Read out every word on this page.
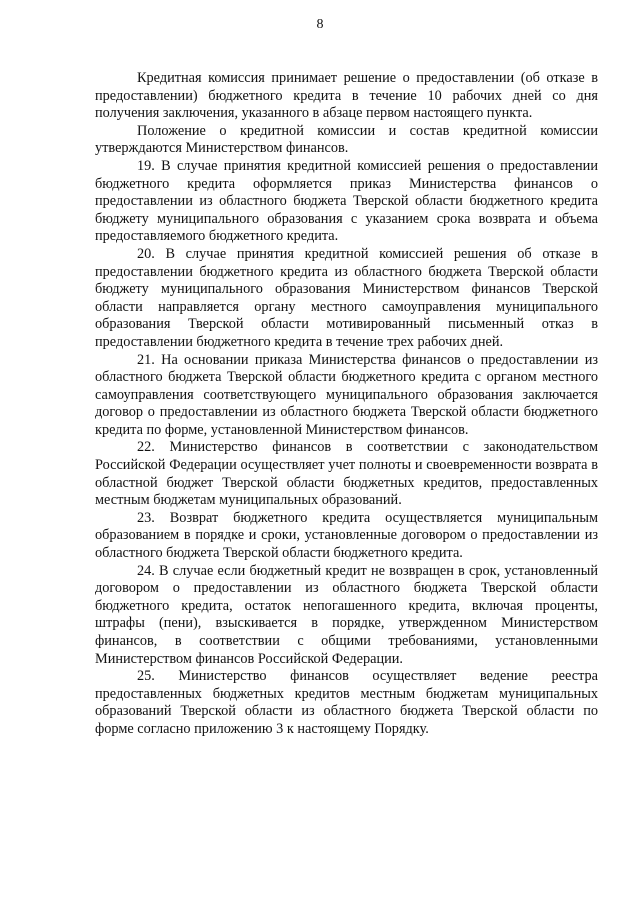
8

Кредитная комиссия принимает решение о предоставлении (об отказе в предоставлении) бюджетного кредита в течение 10 рабочих дней со дня получения заключения, указанного в абзаце первом настоящего пункта.

Положение о кредитной комиссии и состав кредитной комиссии утверждаются Министерством финансов.

19. В случае принятия кредитной комиссией решения о предоставлении бюджетного кредита оформляется приказ Министерства финансов о предоставлении из областного бюджета Тверской области бюджетного кредита бюджету муниципального образования с указанием срока возврата и объема предоставляемого бюджетного кредита.

20. В случае принятия кредитной комиссией решения об отказе в предоставлении бюджетного кредита из областного бюджета Тверской области бюджету муниципального образования Министерством финансов Тверской области направляется органу местного самоуправления муниципального образования Тверской области мотивированный письменный отказ в предоставлении бюджетного кредита в течение трех рабочих дней.

21. На основании приказа Министерства финансов о предоставлении из областного бюджета Тверской области бюджетного кредита с органом местного самоуправления соответствующего муниципального образования заключается договор о предоставлении из областного бюджета Тверской области бюджетного кредита по форме, установленной Министерством финансов.

22. Министерство финансов в соответствии с законодательством Российской Федерации осуществляет учет полноты и своевременности возврата в областной бюджет Тверской области бюджетных кредитов, предоставленных местным бюджетам муниципальных образований.

23. Возврат бюджетного кредита осуществляется муниципальным образованием в порядке и сроки, установленные договором о предоставлении из областного бюджета Тверской области бюджетного кредита.

24. В случае если бюджетный кредит не возвращен в срок, установленный договором о предоставлении из областного бюджета Тверской области бюджетного кредита, остаток непогашенного кредита, включая проценты, штрафы (пени), взыскивается в порядке, утвержденном Министерством финансов, в соответствии с общими требованиями, установленными Министерством финансов Российской Федерации.

25. Министерство финансов осуществляет ведение реестра предоставленных бюджетных кредитов местным бюджетам муниципальных образований Тверской области из областного бюджета Тверской области по форме согласно приложению 3 к настоящему Порядку.
